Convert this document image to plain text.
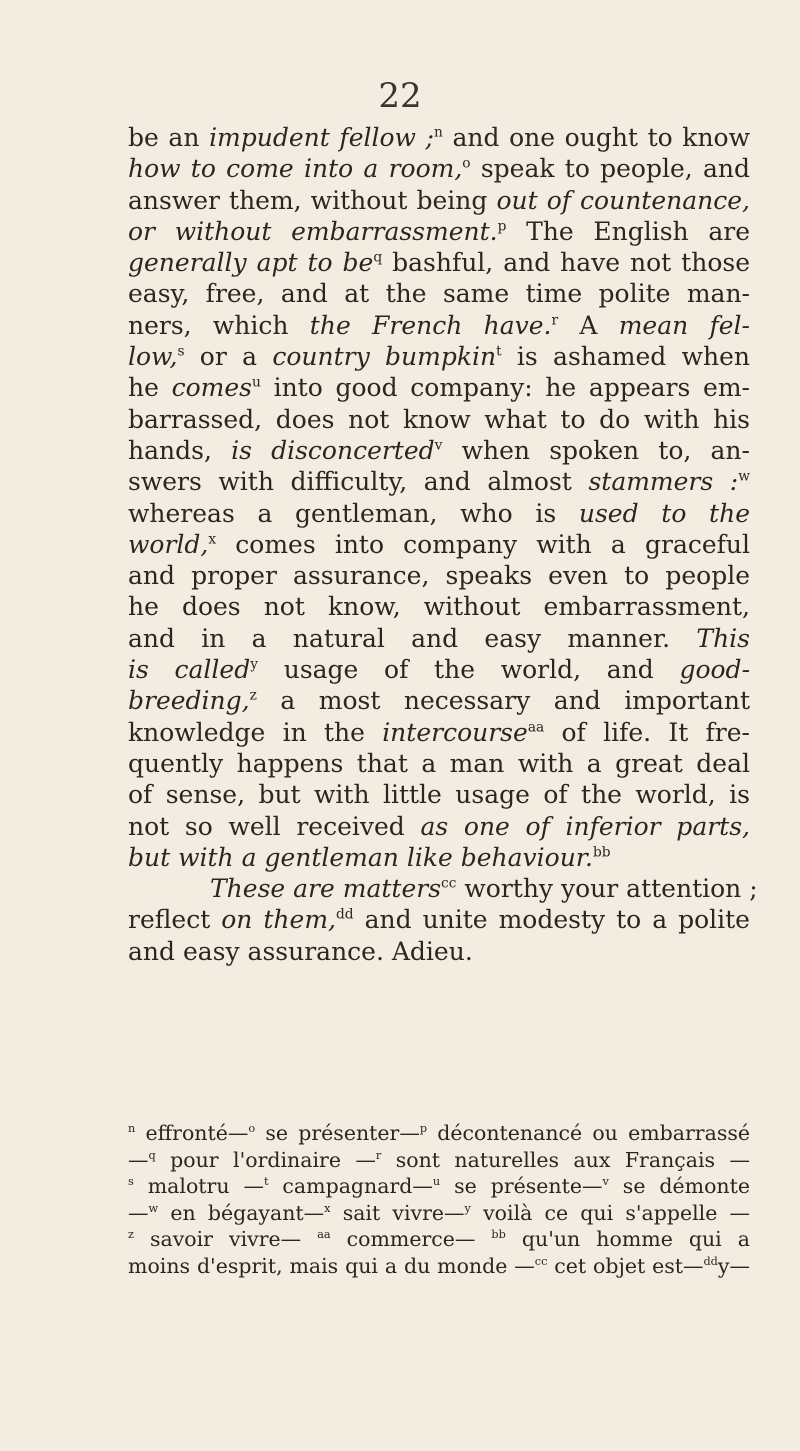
22
be an impudent fellow ;$^n$ and one ought to know
how to come into a room,$^o$ speak to people, and
answer them, without being out of countenance,
or without embarrassment.$^p$ The English are
generally apt to $be^q$ bashful, and have not those
easy, free, and at the same time polite man-
ners, which the French have.$^r$ A mean fel-
low,$^s$ or a country bumpkin$^t$ is ashamed when
he comes$^u$ into good company: he appears em-
barrassed, does not know what to do with his
hands, is disconcerted$^v$ when spoken to, an-
swers with difficulty, and almost stammers :$^w$
whereas a gentleman, who is used to the
world,$^x$ comes into company with a graceful
and proper assurance, speaks even to people
he does not know, without embarrassment,
and in a natural and easy manner. This
is called$^y$ usage of the world, and good-
breeding,$^z$ a most necessary and important
knowledge in the intercourse$^{aa}$ of life. It fre-
quently happens that a man with a great deal
of sense, but with little usage of the world, is
not so well received as one of inferior parts,
but with a gentleman like behaviour.$^{bb}$
These are matters$^{cc}$ worthy your attention ;
reflect on them,$^{dd}$ and unite modesty to a polite
and easy assurance. Adieu.
$^n$ effronté—$^o$ se présenter—$^p$ décontenancé ou embarrassé
—$^q$ pour l'ordinaire —$^r$ sont naturelles aux Français —
$^s$ malotru —$^t$ campagnard—$^u$ se présente—$^v$ se démonte
—$^w$ en bégayant—$^x$ sait vivre—$^y$ voilà ce qui s'appelle —
$^z$ savoir vivre— $^{aa}$ commerce— $^{bb}$ qu'un homme qui a
moins d'esprit, mais qui a du monde —$^{cc}$ cet objet est—$^{dd}$y—
